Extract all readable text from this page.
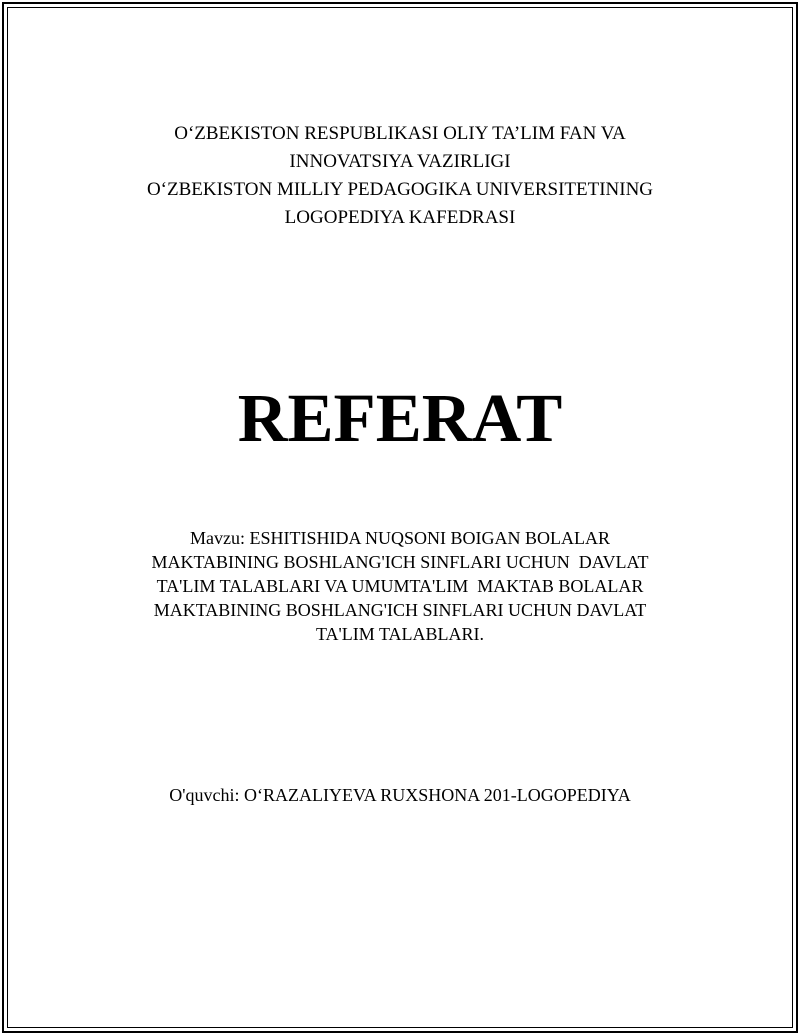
O‘ZBEKISTON RESPUBLIKASI OLIY TA’LIM FAN VA
INNOVATSIYA VAZIRLIGI
O‘ZBEKISTON MILLIY PEDAGOGIKA UNIVERSITETINING
LOGOPEDIYA KAFEDRASI
REFERAT
Mavzu: ESHITISHIDA NUQSONI BOIGAN BOLALAR
MAKTABINING BOSHLANG'ICH SINFLARI UCHUN  DAVLAT
TA'LIM TALABLARI VA UMUMTA'LIM  MAKTAB BOLALAR
MAKTABINING BOSHLANG'ICH SINFLARI UCHUN DAVLAT
TA'LIM TALABLARI.
O'quvchi: O‘RAZALIYEVA RUXSHONA 201-LOGOPEDIYA
